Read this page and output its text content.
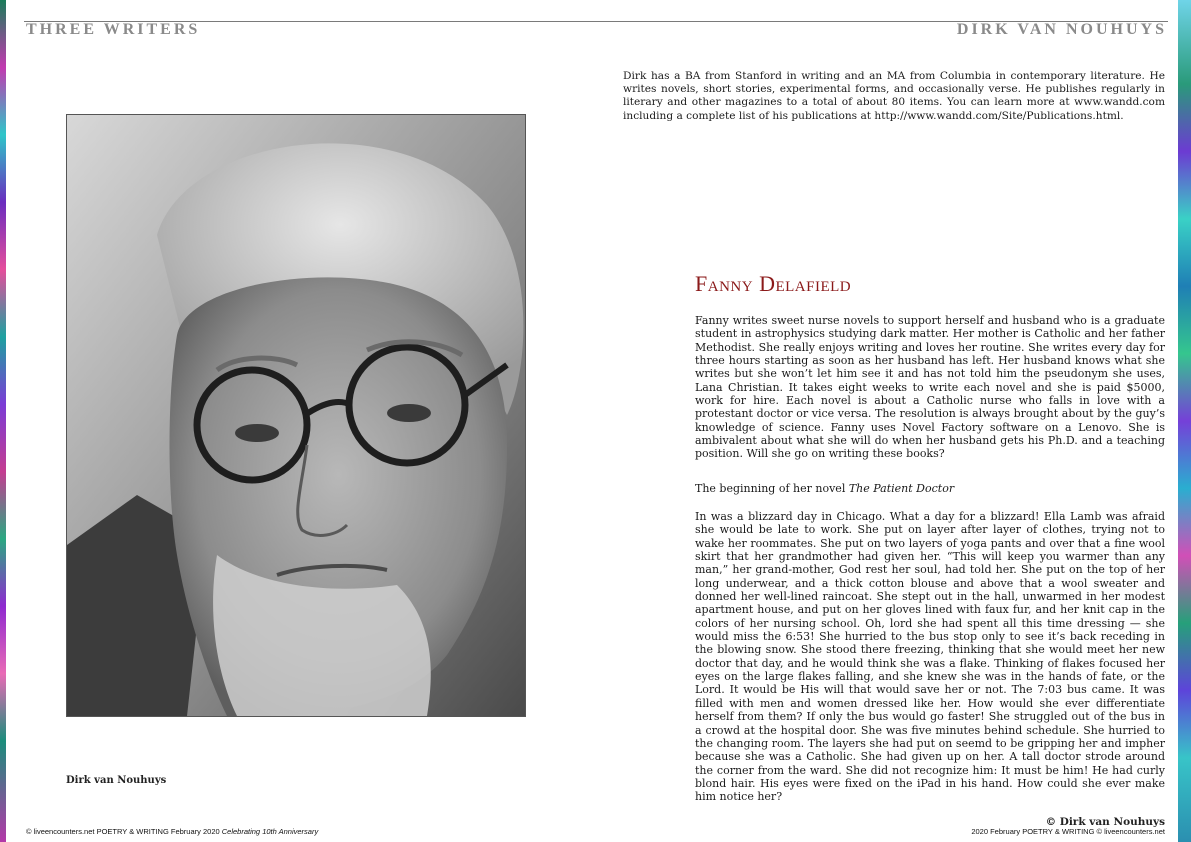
THREE WRITERS	DIRK VAN NOUHUYS
Dirk van Nouhuys

Dirk has a BA from Stanford in writing and an MA from Columbia in contemporary literature. He writes novels, short stories, experimental forms, and occasionally verse. He publishes regularly in literary and other magazines to a total of about 80 items. You can learn more at www.wandd.com including a complete list of his publications at http://www.wandd.com/Site/Publications.html.

Fanny Delafield

Fanny writes sweet nurse novels to support herself and husband who is a graduate student in astrophysics studying dark matter. Her mother is Catholic and her father Methodist. She really enjoys writing and loves her routine. She writes every day for three hours starting as soon as her husband has left. Her husband knows what she writes but she won’t let him see it and has not told him the pseudonym she uses, Lana Christian. It takes eight weeks to write each novel and she is paid $5000, work for hire. Each novel is about a Catholic nurse who falls in love with a protestant doctor or vice versa. The resolution is always brought about by the guy’s knowledge of science. Fanny uses Novel Factory software on a Lenovo. She is ambivalent about what she will do when her husband gets his Ph.D. and a teaching position. Will she go on writing these books?

The beginning of her novel The Patient Doctor

In was a blizzard day in Chicago. What a day for a blizzard! Ella Lamb was afraid she would be late to work. She put on layer after layer of clothes, trying not to wake her roommates. She put on two layers of yoga pants and over that a fine wool skirt that her grandmother had given her. “This will keep you warmer than any man,” her grand-mother, God rest her soul, had told her. She put on the top of her long underwear, and a thick cotton blouse and above that a wool sweater and donned her well-lined raincoat. She stept out in the hall, unwarmed in her modest apartment house, and put on her gloves lined with faux fur, and her knit cap in the colors of her nursing school. Oh, lord she had spent all this time dressing — she would miss the 6:53! She hurried to the bus stop only to see it’s back receding in the blowing snow. She stood there freezing, thinking that she would meet her new doctor that day, and he would think she was a flake. Thinking of flakes focused her eyes on the large flakes falling, and she knew she was in the hands of fate, or the Lord. It would be His will that would save her or not. The 7:03 bus came. It was filled with men and women dressed like her. How would she ever differentiate herself from them? If only the bus would go faster! She struggled out of the bus in a crowd at the hospital door. She was five minutes behind schedule. She hurried to the changing room. The layers she had put on seemd to be gripping her and impher because she was a Catholic. She had given up on her. A tall doctor strode around the corner from the ward. She did not recognize him: It must be him! He had curly blond hair. His eyes were fixed on the iPad in his hand. How could she ever make him notice her?

© Dirk van Nouhuys
© liveencounters.net POETRY & WRITING February 2020 Celebrating 10th Anniversary	2020 February POETRY & WRITING © liveencounters.net
